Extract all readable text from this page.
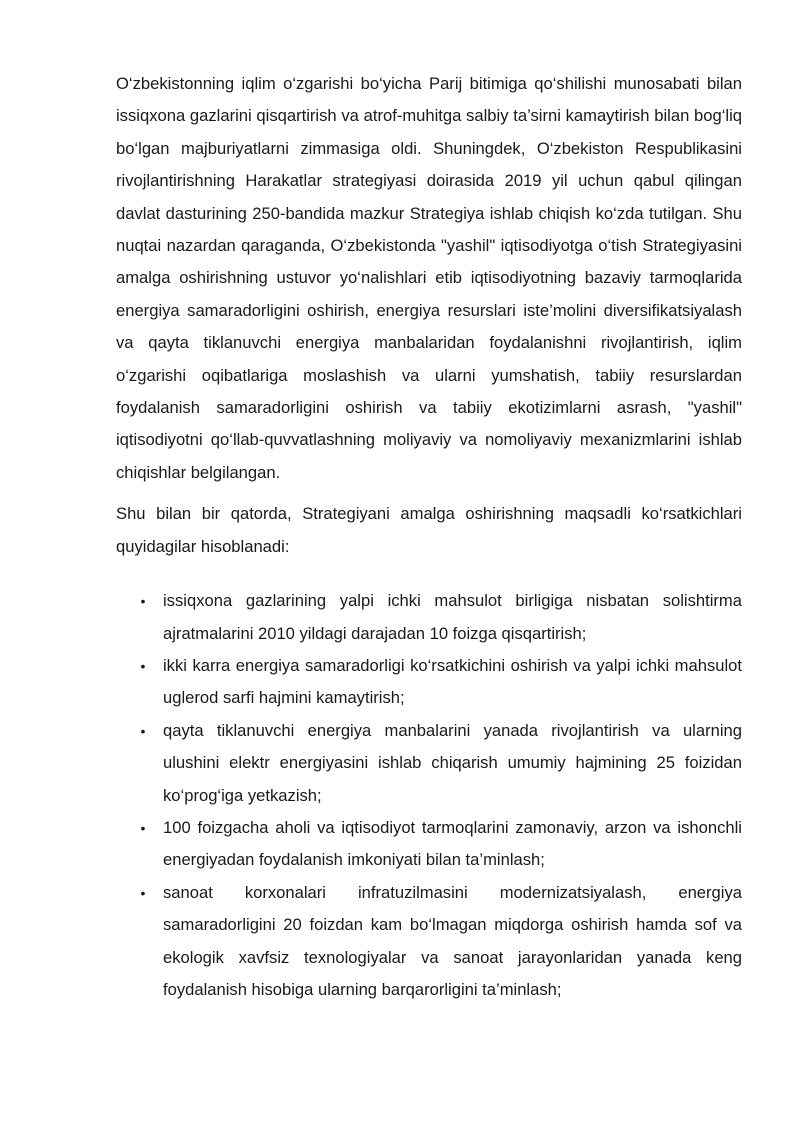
O‘zbekistonning iqlim o‘zgarishi bo‘yicha Parij bitimiga qo‘shilishi munosabati bilan issiqxona gazlarini qisqartirish va atrof-muhitga salbiy ta’sirni kamaytirish bilan bog‘liq bo‘lgan majburiyatlarni zimmasiga oldi. Shuningdek, O‘zbekiston Respublikasini rivojlantirishning Harakatlar strategiyasi doirasida 2019 yil uchun qabul qilingan davlat dasturining 250-bandida mazkur Strategiya ishlab chiqish ko‘zda tutilgan. Shu nuqtai nazardan qaraganda, O‘zbekistonda "yashil" iqtisodiyotga o‘tish Strategiyasini amalga oshirishning ustuvor yo‘nalishlari etib iqtisodiyotning bazaviy tarmoqlarida energiya samaradorligini oshirish, energiya resurslari iste’molini diversifikatsiyalash va qayta tiklanuvchi energiya manbalaridan foydalanishni rivojlantirish, iqlim o‘zgarishi oqibatlariga moslashish va ularni yumshatish, tabiiy resurslardan foydalanish samaradorligini oshirish va tabiiy ekotizimlarni asrash, "yashil" iqtisodiyotni qo‘llab-quvvatlashning moliyaviy va nomoliyaviy mexanizmlarini ishlab chiqishlar belgilangan.

Shu bilan bir qatorda, Strategiyani amalga oshirishning maqsadli ko‘rsatkichlari quyidagilar hisoblanadi:

• issiqxona gazlarining yalpi ichki mahsulot birligiga nisbatan solishtirma ajratmalarini 2010 yildagi darajadan 10 foizga qisqartirish;
• ikki karra energiya samaradorligi ko‘rsatkichini oshirish va yalpi ichki mahsulot uglerod sarfi hajmini kamaytirish;
• qayta tiklanuvchi energiya manbalarini yanada rivojlantirish va ularning ulushini elektr energiyasini ishlab chiqarish umumiy hajmining 25 foizidan ko‘prog‘iga yetkazish;
• 100 foizgacha aholi va iqtisodiyot tarmoqlarini zamonaviy, arzon va ishonchli energiyadan foydalanish imkoniyati bilan ta’minlash;
• sanoat korxonalari infratuzilmasini modernizatsiyalash, energiya samaradorligini 20 foizdan kam bo‘lmagan miqdorga oshirish hamda sof va ekologik xavfsiz texnologiyalar va sanoat jarayonlaridan yanada keng foydalanish hisobiga ularning barqarorligini ta’minlash;
